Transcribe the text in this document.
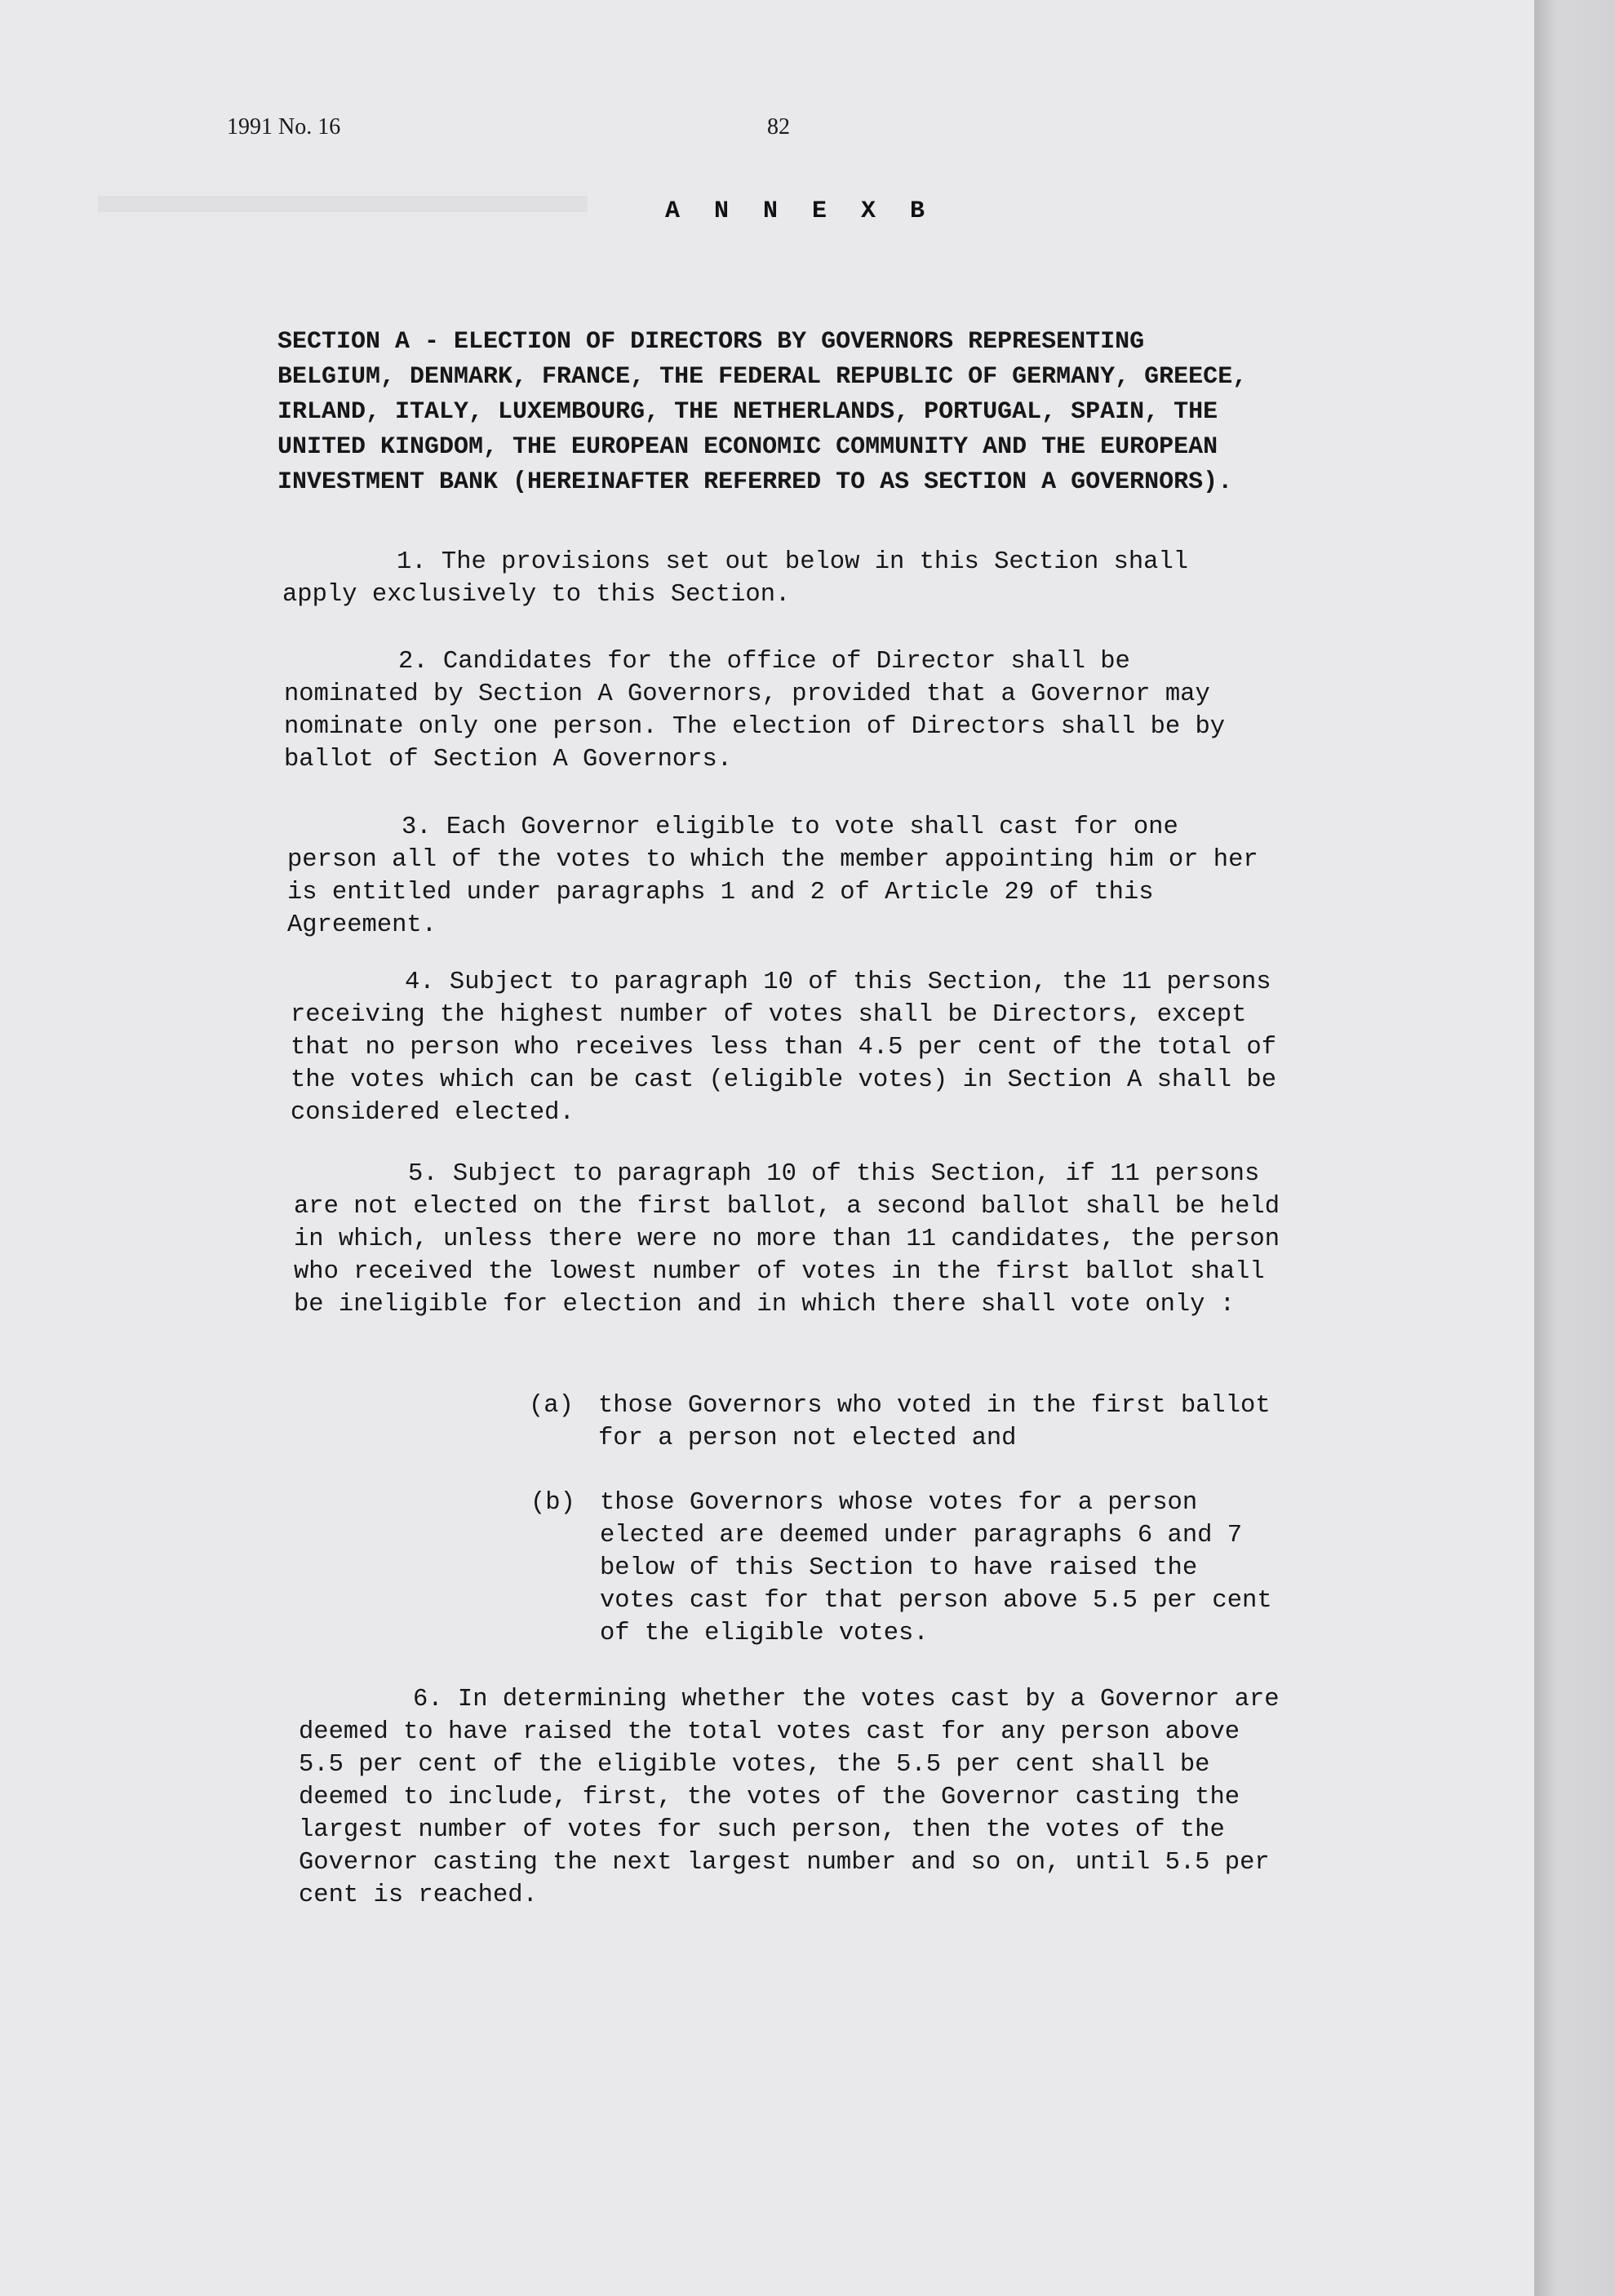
1991 No. 16	82
A N N E X B
SECTION A - ELECTION OF DIRECTORS BY GOVERNORS REPRESENTING BELGIUM, DENMARK, FRANCE, THE FEDERAL REPUBLIC OF GERMANY, GREECE, IRLAND, ITALY, LUXEMBOURG, THE NETHERLANDS, PORTUGAL, SPAIN, THE UNITED KINGDOM, THE EUROPEAN ECONOMIC COMMUNITY AND THE EUROPEAN INVESTMENT BANK (HEREINAFTER REFERRED TO AS SECTION A GOVERNORS).
1. The provisions set out below in this Section shall apply exclusively to this Section.
2. Candidates for the office of Director shall be nominated by Section A Governors, provided that a Governor may nominate only one person. The election of Directors shall be by ballot of Section A Governors.
3. Each Governor eligible to vote shall cast for one person all of the votes to which the member appointing him or her is entitled under paragraphs 1 and 2 of Article 29 of this Agreement.
4. Subject to paragraph 10 of this Section, the 11 persons receiving the highest number of votes shall be Directors, except that no person who receives less than 4.5 per cent of the total of the votes which can be cast (eligible votes) in Section A shall be considered elected.
5. Subject to paragraph 10 of this Section, if 11 persons are not elected on the first ballot, a second ballot shall be held in which, unless there were no more than 11 candidates, the person who received the lowest number of votes in the first ballot shall be ineligible for election and in which there shall vote only :
(a) those Governors who voted in the first ballot for a person not elected and
(b) those Governors whose votes for a person elected are deemed under paragraphs 6 and 7 below of this Section to have raised the votes cast for that person above 5.5 per cent of the eligible votes.
6. In determining whether the votes cast by a Governor are deemed to have raised the total votes cast for any person above 5.5 per cent of the eligible votes, the 5.5 per cent shall be deemed to include, first, the votes of the Governor casting the largest number of votes for such person, then the votes of the Governor casting the next largest number and so on, until 5.5 per cent is reached.
